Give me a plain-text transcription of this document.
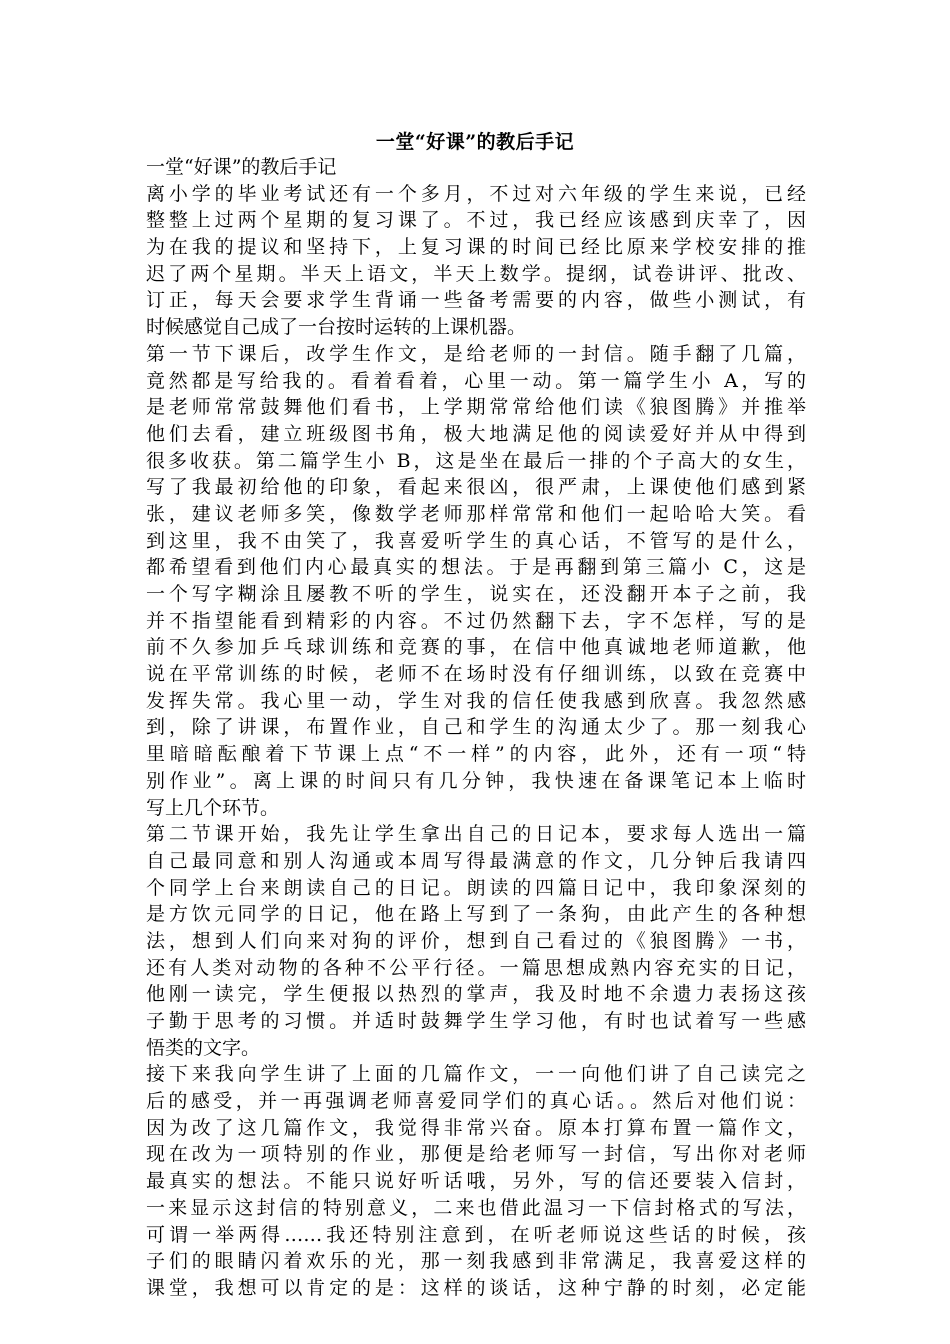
一堂“好课”的教后手记
一堂“好课”的教后手记
离小学的毕业考试还有一个多月，不过对六年级的学生来说，已经
整整上过两个星期的复习课了。不过，我已经应该感到庆幸了，因
为在我的提议和坚持下，上复习课的时间已经比原来学校安排的推
迟了两个星期。半天上语文，半天上数学。提纲，试卷讲评、批改、
订正，每天会要求学生背诵一些备考需要的内容，做些小测试，有
时候感觉自己成了一台按时运转的上课机器。
第一节下课后，改学生作文，是给老师的一封信。随手翻了几篇，
竟然都是写给我的。看着看着，心里一动。第一篇学生小 A，写的
是老师常常鼓舞他们看书，上学期常常给他们读《狼图腾》并推举
他们去看，建立班级图书角，极大地满足他的阅读爱好并从中得到
很多收获。第二篇学生小 B，这是坐在最后一排的个子高大的女生，
写了我最初给他的印象，看起来很凶，很严肃，上课使他们感到紧
张，建议老师多笑，像数学老师那样常常和他们一起哈哈大笑。看
到这里，我不由笑了，我喜爱听学生的真心话，不管写的是什么，
都希望看到他们内心最真实的想法。于是再翻到第三篇小 C，这是
一个写字糊涂且屡教不听的学生，说实在，还没翻开本子之前，我
并不指望能看到精彩的内容。不过仍然翻下去，字不怎样，写的是
前不久参加乒乓球训练和竞赛的事，在信中他真诚地老师道歉，他
说在平常训练的时候，老师不在场时没有仔细训练，以致在竞赛中
发挥失常。我心里一动，学生对我的信任使我感到欣喜。我忽然感
到，除了讲课，布置作业，自己和学生的沟通太少了。那一刻我心
里暗暗酝酿着下节课上点“不一样”的内容，此外，还有一项“特
别作业”。离上课的时间只有几分钟，我快速在备课笔记本上临时
写上几个环节。
第二节课开始，我先让学生拿出自己的日记本，要求每人选出一篇
自己最同意和别人沟通或本周写得最满意的作文，几分钟后我请四
个同学上台来朗读自己的日记。朗读的四篇日记中，我印象深刻的
是方饮元同学的日记，他在路上写到了一条狗，由此产生的各种想
法，想到人们向来对狗的评价，想到自己看过的《狼图腾》一书，
还有人类对动物的各种不公平行径。一篇思想成熟内容充实的日记，
他刚一读完，学生便报以热烈的掌声，我及时地不余遗力表扬这孩
子勤于思考的习惯。并适时鼓舞学生学习他，有时也试着写一些感
悟类的文字。
接下来我向学生讲了上面的几篇作文，一一向他们讲了自己读完之
后的感受，并一再强调老师喜爱同学们的真心话。。然后对他们说：
因为改了这几篇作文，我觉得非常兴奋。原本打算布置一篇作文，
现在改为一项特别的作业，那便是给老师写一封信，写出你对老师
最真实的想法。不能只说好听话哦，另外，写的信还要装入信封，
一来显示这封信的特别意义，二来也借此温习一下信封格式的写法，
可谓一举两得……我还特别注意到，在听老师说这些话的时候，孩
子们的眼睛闪着欢乐的光，那一刻我感到非常满足，我喜爱这样的
课堂，我想可以肯定的是：这样的谈话，这种宁静的时刻，必定能
